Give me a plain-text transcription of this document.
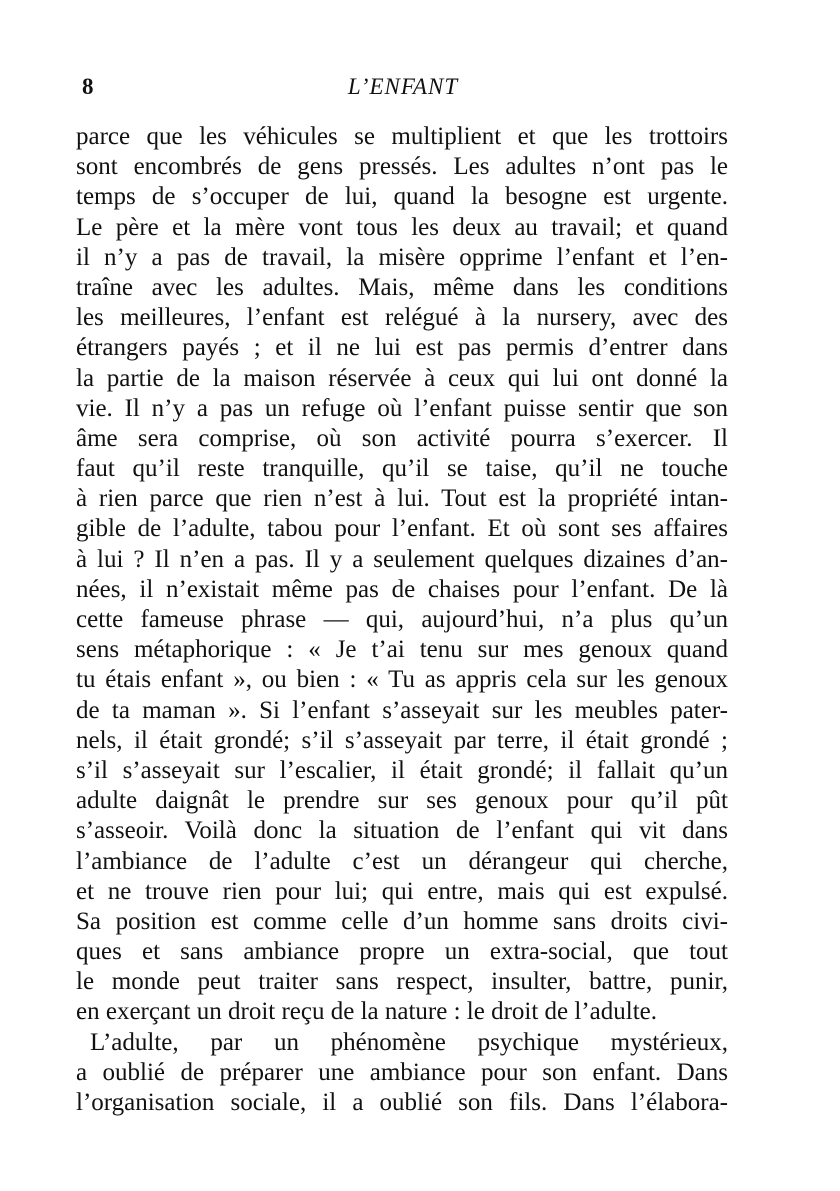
8	L’ENFANT
parce que les véhicules se multiplient et que les trottoirs
sont encombrés de gens pressés. Les adultes n’ont pas le
temps de s’occuper de lui, quand la besogne est urgente.
Le père et la mère vont tous les deux au travail; et quand
il n’y a pas de travail, la misère opprime l’enfant et l’en-
traîne avec les adultes. Mais, même dans les conditions
les meilleures, l’enfant est relégué à la nursery, avec des
étrangers payés ; et il ne lui est pas permis d’entrer dans
la partie de la maison réservée à ceux qui lui ont donné la
vie. Il n’y a pas un refuge où l’enfant puisse sentir que son
âme sera comprise, où son activité pourra s’exercer. Il
faut qu’il reste tranquille, qu’il se taise, qu’il ne touche
à rien parce que rien n’est à lui. Tout est la propriété intan-
gible de l’adulte, tabou pour l’enfant. Et où sont ses affaires
à lui ? Il n’en a pas. Il y a seulement quelques dizaines d’an-
nées, il n’existait même pas de chaises pour l’enfant. De là
cette fameuse phrase — qui, aujourd’hui, n’a plus qu’un
sens métaphorique : « Je t’ai tenu sur mes genoux quand
tu étais enfant », ou bien : « Tu as appris cela sur les genoux
de ta maman ». Si l’enfant s’asseyait sur les meubles pater-
nels, il était grondé; s’il s’asseyait par terre, il était grondé ;
s’il s’asseyait sur l’escalier, il était grondé; il fallait qu’un
adulte daignât le prendre sur ses genoux pour qu’il pût
s’asseoir. Voilà donc la situation de l’enfant qui vit dans
l’ambiance de l’adulte c’est un dérangeur qui cherche,
et ne trouve rien pour lui; qui entre, mais qui est expulsé.
Sa position est comme celle d’un homme sans droits civi-
ques et sans ambiance propre un extra-social, que tout
le monde peut traiter sans respect, insulter, battre, punir,
en exerçant un droit reçu de la nature : le droit de l’adulte.
L’adulte, par un phénomène psychique mystérieux,
a oublié de préparer une ambiance pour son enfant. Dans
l’organisation sociale, il a oublié son fils. Dans l’élabora-
